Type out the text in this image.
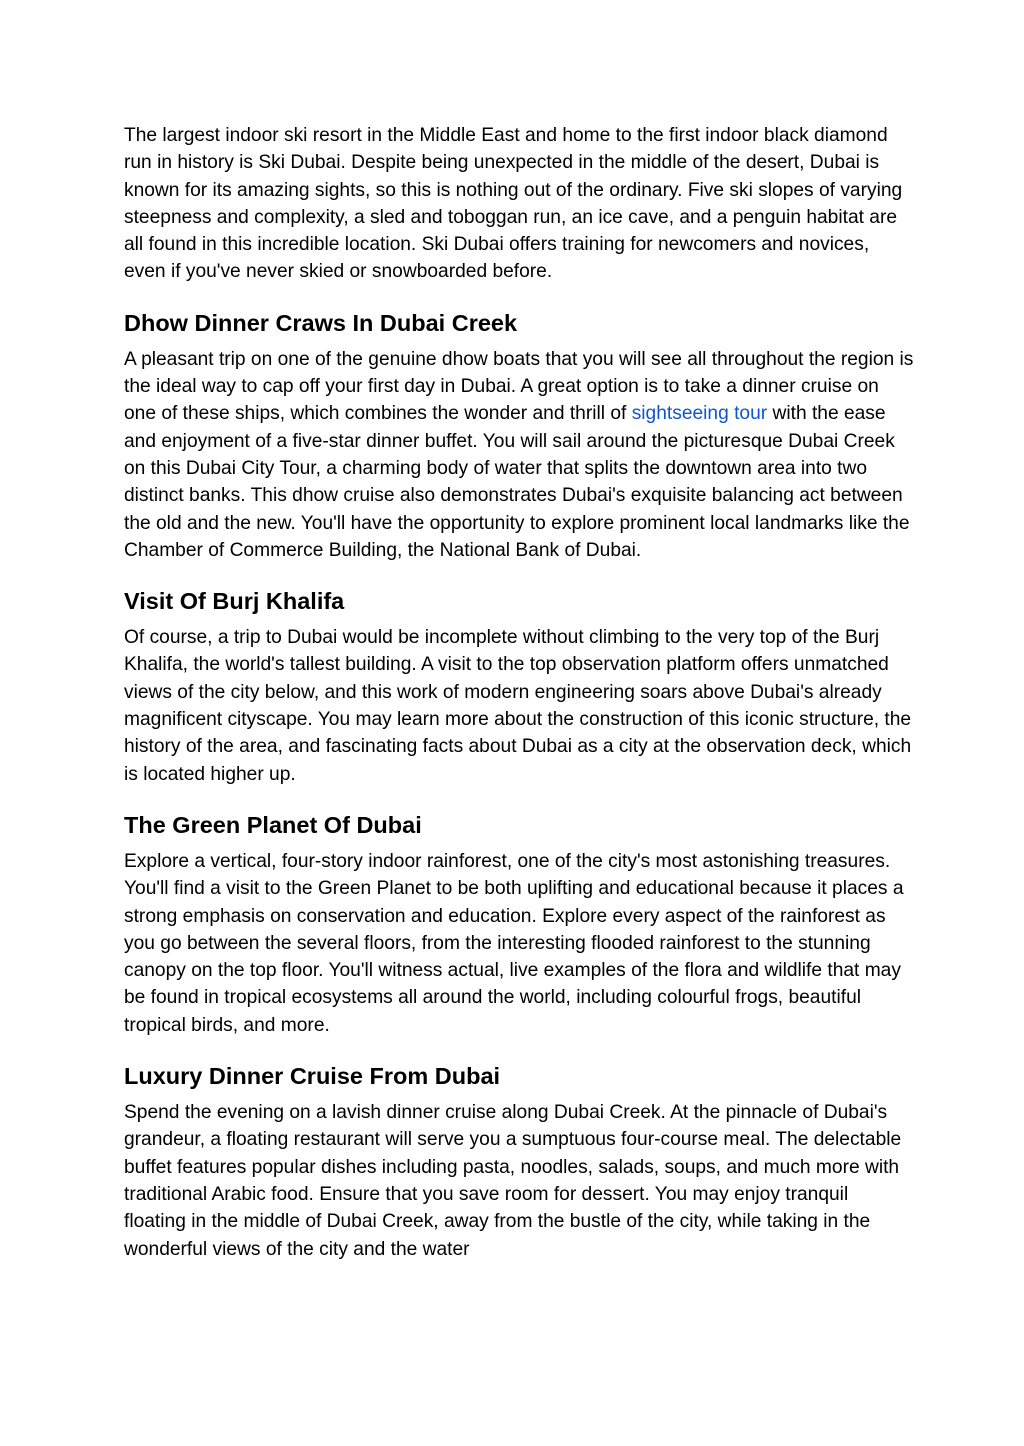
The largest indoor ski resort in the Middle East and home to the first indoor black diamond run in history is Ski Dubai. Despite being unexpected in the middle of the desert, Dubai is known for its amazing sights, so this is nothing out of the ordinary. Five ski slopes of varying steepness and complexity, a sled and toboggan run, an ice cave, and a penguin habitat are all found in this incredible location. Ski Dubai offers training for newcomers and novices, even if you've never skied or snowboarded before.

Dhow Dinner Craws In Dubai Creek

A pleasant trip on one of the genuine dhow boats that you will see all throughout the region is the ideal way to cap off your first day in Dubai. A great option is to take a dinner cruise on one of these ships, which combines the wonder and thrill of sightseeing tour with the ease and enjoyment of a five-star dinner buffet. You will sail around the picturesque Dubai Creek on this Dubai City Tour, a charming body of water that splits the downtown area into two distinct banks. This dhow cruise also demonstrates Dubai's exquisite balancing act between the old and the new. You'll have the opportunity to explore prominent local landmarks like the Chamber of Commerce Building, the National Bank of Dubai.

Visit Of Burj Khalifa

Of course, a trip to Dubai would be incomplete without climbing to the very top of the Burj Khalifa, the world's tallest building. A visit to the top observation platform offers unmatched views of the city below, and this work of modern engineering soars above Dubai's already magnificent cityscape. You may learn more about the construction of this iconic structure, the history of the area, and fascinating facts about Dubai as a city at the observation deck, which is located higher up.

The Green Planet Of Dubai

Explore a vertical, four-story indoor rainforest, one of the city's most astonishing treasures. You'll find a visit to the Green Planet to be both uplifting and educational because it places a strong emphasis on conservation and education. Explore every aspect of the rainforest as you go between the several floors, from the interesting flooded rainforest to the stunning canopy on the top floor. You'll witness actual, live examples of the flora and wildlife that may be found in tropical ecosystems all around the world, including colourful frogs, beautiful tropical birds, and more.

Luxury Dinner Cruise From Dubai

Spend the evening on a lavish dinner cruise along Dubai Creek. At the pinnacle of Dubai's grandeur, a floating restaurant will serve you a sumptuous four-course meal. The delectable buffet features popular dishes including pasta, noodles, salads, soups, and much more with traditional Arabic food. Ensure that you save room for dessert. You may enjoy tranquil floating in the middle of Dubai Creek, away from the bustle of the city, while taking in the wonderful views of the city and the water
